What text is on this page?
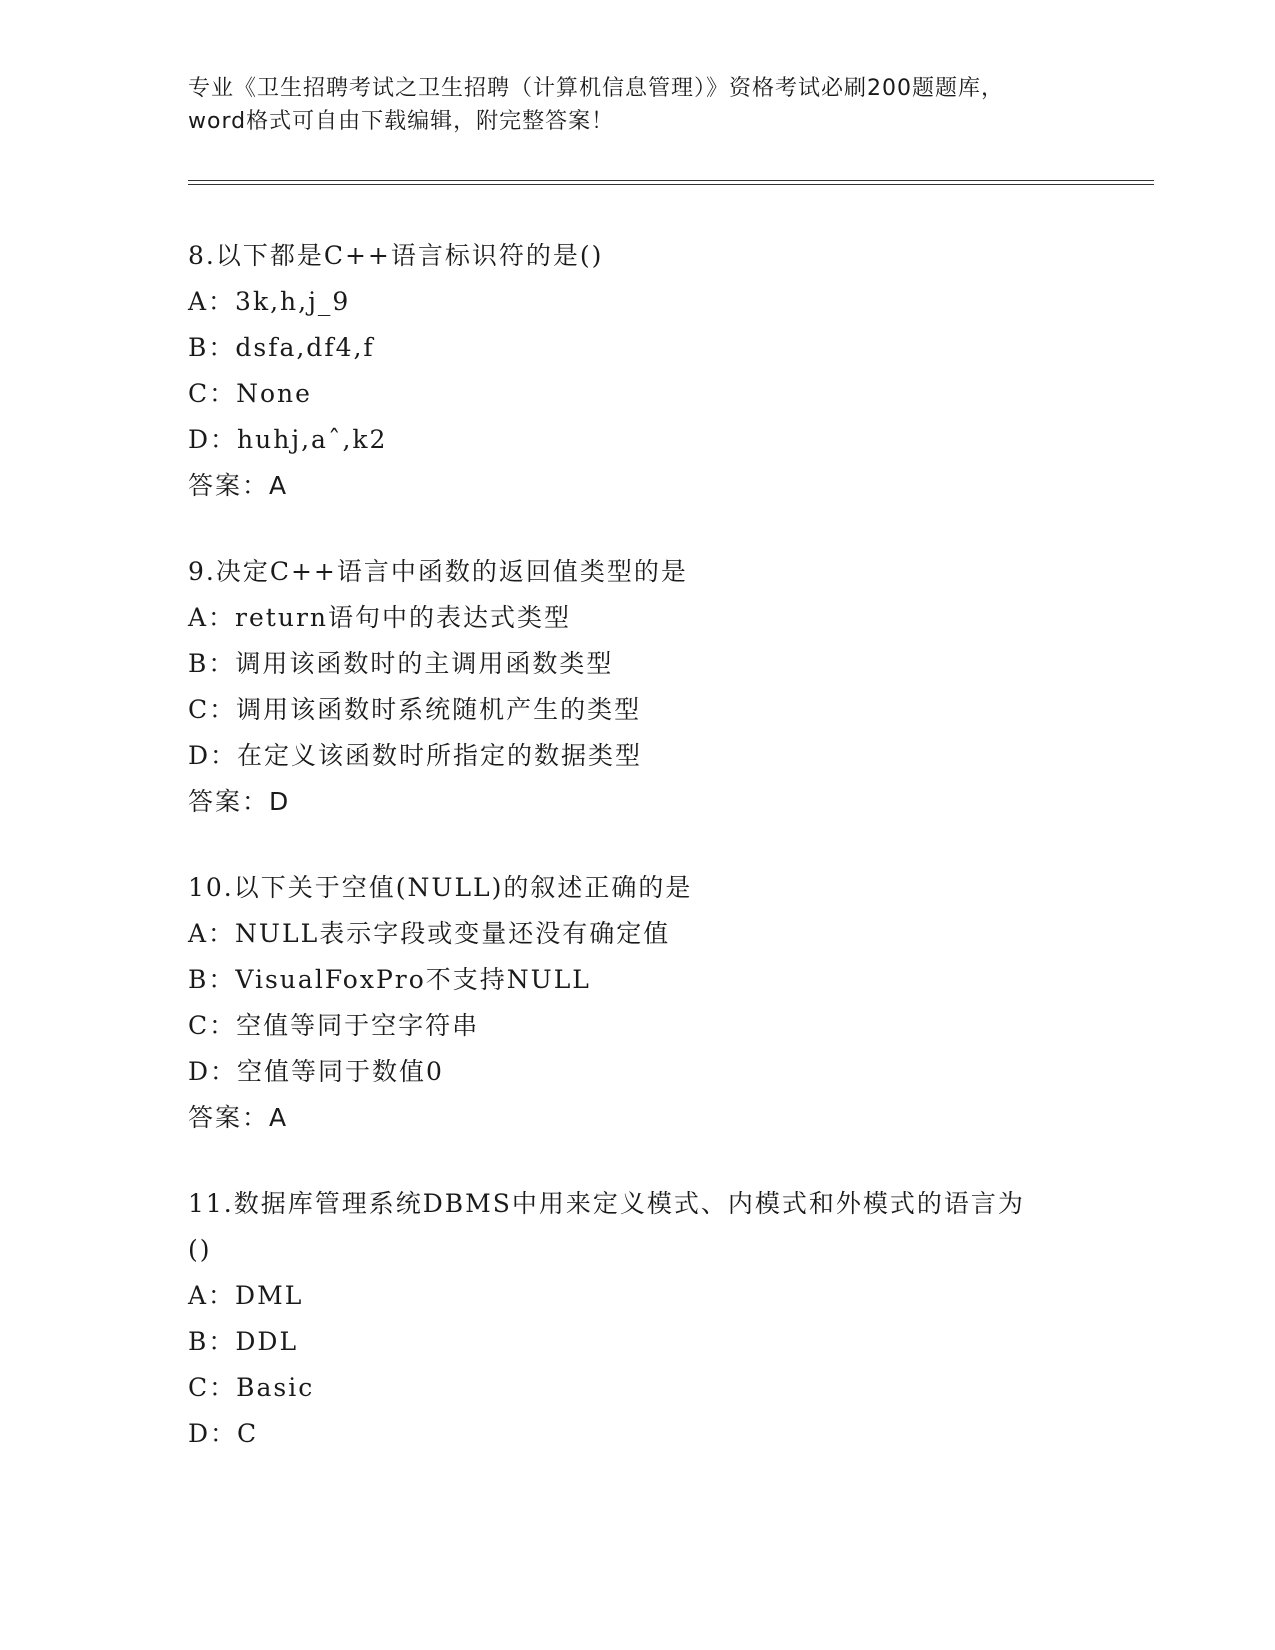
专业《卫生招聘考试之卫生招聘（计算机信息管理）》资格考试必刷200题题库，
word格式可自由下载编辑，附完整答案！
8.以下都是C++语言标识符的是()
A：3k,h,j_9
B：dsfa,df4,f
C：None
D：huhj,aˆ,k2
答案：A
9.决定C++语言中函数的返回值类型的是
A：return语句中的表达式类型
B：调用该函数时的主调用函数类型
C：调用该函数时系统随机产生的类型
D：在定义该函数时所指定的数据类型
答案：D
10.以下关于空值(NULL)的叙述正确的是
A：NULL表示字段或变量还没有确定值
B：VisualFoxPro不支持NULL
C：空值等同于空字符串
D：空值等同于数值0
答案：A
11.数据库管理系统DBMS中用来定义模式、内模式和外模式的语言为
()
A：DML
B：DDL
C：Basic
D：C
